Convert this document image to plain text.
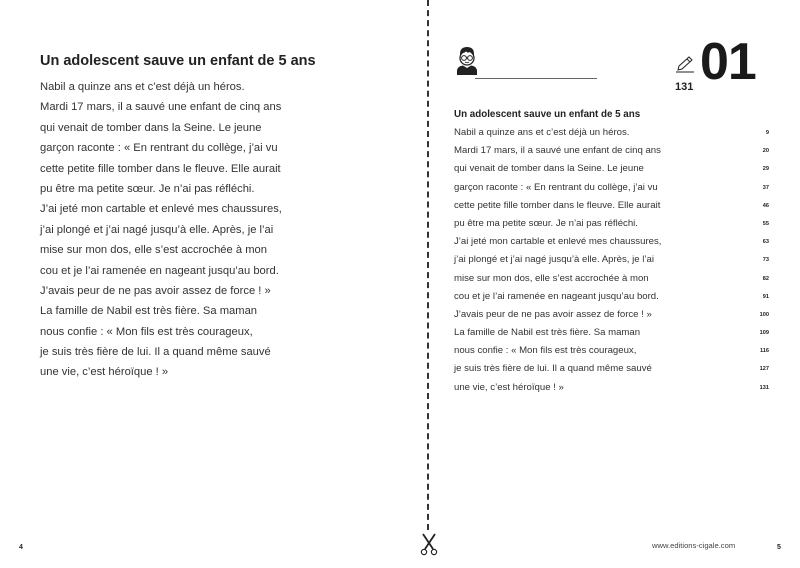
Un adolescent sauve un enfant de 5 ans
Nabil a quinze ans et c’est déjà un héros.
Mardi 17 mars, il a sauvé une enfant de cinq ans
qui venait de tomber dans la Seine. Le jeune
garçon raconte : « En rentrant du collège, j’ai vu
cette petite fille tomber dans le fleuve. Elle aurait
pu être ma petite sœur. Je n’ai pas réfléchi.
J’ai jeté mon cartable et enlevé mes chaussures,
j’ai plongé et j’ai nagé jusqu’à elle. Après, je l’ai
mise sur mon dos, elle s’est accrochée à mon
cou et je l’ai ramenée en nageant jusqu’au bord.
J’avais peur de ne pas avoir assez de force ! »
La famille de Nabil est très fière. Sa maman
nous confie : « Mon fils est très courageux,
je suis très fière de lui. Il a quand même sauvé
une vie, c’est héroïque ! »
4
131 01
Un adolescent sauve un enfant de 5 ans
Nabil a quinze ans et c’est déjà un héros.	9
Mardi 17 mars, il a sauvé une enfant de cinq ans	20
qui venait de tomber dans la Seine. Le jeune	29
garçon raconte : « En rentrant du collège, j’ai vu	37
cette petite fille tomber dans le fleuve. Elle aurait	46
pu être ma petite sœur. Je n’ai pas réfléchi.	55
J’ai jeté mon cartable et enlevé mes chaussures,	63
j’ai plongé et j’ai nagé jusqu’à elle. Après, je l’ai	73
mise sur mon dos, elle s’est accrochée à mon	82
cou et je l’ai ramenée en nageant jusqu’au bord.	91
J’avais peur de ne pas avoir assez de force ! »	100
La famille de Nabil est très fière. Sa maman	109
nous confie : « Mon fils est très courageux,	116
je suis très fière de lui. Il a quand même sauvé	127
une vie, c’est héroïque ! »	131
www.editions-cigale.com	5
